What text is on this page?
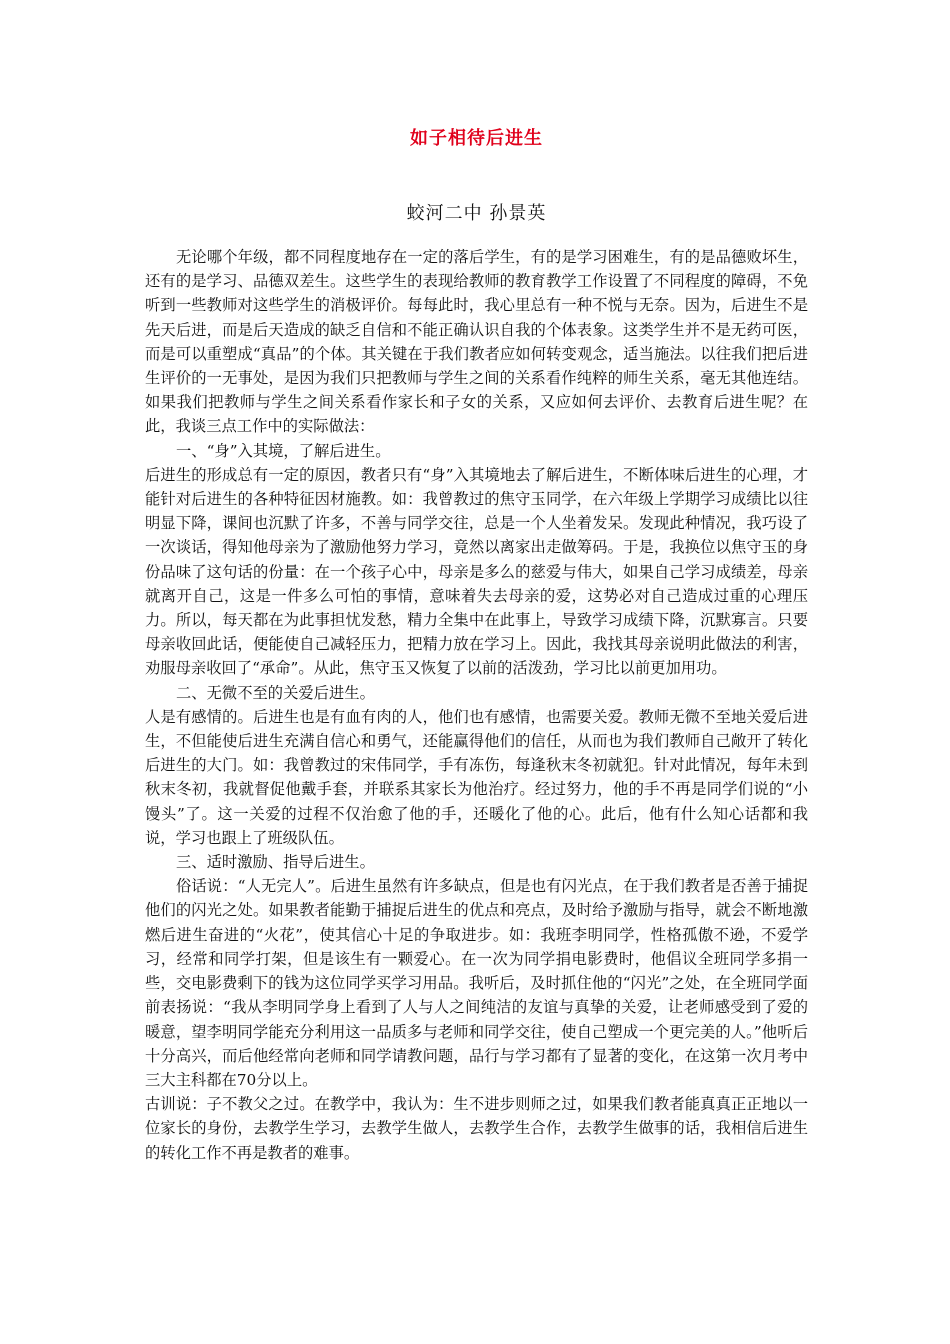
如子相待后进生
蛟河二中 孙景英

无论哪个年级，都不同程度地存在一定的落后学生，有的是学习困难生，有的是品德败坏生，还有的是学习、品德双差生。这些学生的表现给教师的教育教学工作设置了不同程度的障碍，不免听到一些教师对这些学生的消极评价。每每此时，我心里总有一种不悦与无奈。因为，后进生不是先天后进，而是后天造成的缺乏自信和不能正确认识自我的个体表象。这类学生并不是无药可医，而是可以重塑成“真品”的个体。其关键在于我们教者应如何转变观念，适当施法。以往我们把后进生评价的一无事处，是因为我们只把教师与学生之间的关系看作纯粹的师生关系，毫无其他连结。如果我们把教师与学生之间关系看作家长和子女的关系，又应如何去评价、去教育后进生呢？在此，我谈三点工作中的实际做法：

一、“身”入其境，了解后进生。

后进生的形成总有一定的原因，教者只有“身”入其境地去了解后进生，不断体味后进生的心理，才能针对后进生的各种特征因材施教。如：我曾教过的焦守玉同学，在六年级上学期学习成绩比以往明显下降，课间也沉默了许多，不善与同学交往，总是一个人坐着发呆。发现此种情况，我巧设了一次谈话，得知他母亲为了激励他努力学习，竟然以离家出走做筹码。于是，我换位以焦守玉的身份品味了这句话的份量：在一个孩子心中，母亲是多么的慈爱与伟大，如果自己学习成绩差，母亲就离开自己，这是一件多么可怕的事情，意味着失去母亲的爱，这势必对自己造成过重的心理压力。所以，每天都在为此事担忧发愁，精力全集中在此事上，导致学习成绩下降，沉默寡言。只要母亲收回此话，便能使自己减轻压力，把精力放在学习上。因此，我找其母亲说明此做法的利害，劝服母亲收回了“承命”。从此，焦守玉又恢复了以前的活泼劲，学习比以前更加用功。

二、无微不至的关爱后进生。

人是有感情的。后进生也是有血有肉的人，他们也有感情，也需要关爱。教师无微不至地关爱后进生，不但能使后进生充满自信心和勇气，还能赢得他们的信任，从而也为我们教师自己敞开了转化后进生的大门。如：我曾教过的宋伟同学，手有冻伤，每逢秋末冬初就犯。针对此情况，每年未到秋末冬初，我就督促他戴手套，并联系其家长为他治疗。经过努力，他的手不再是同学们说的“小馒头”了。这一关爱的过程不仅治愈了他的手，还暖化了他的心。此后，他有什么知心话都和我说，学习也跟上了班级队伍。

三、适时激励、指导后进生。

俗话说：“人无完人”。后进生虽然有许多缺点，但是也有闪光点，在于我们教者是否善于捕捉他们的闪光之处。如果教者能勤于捕捉后进生的优点和亮点，及时给予激励与指导，就会不断地激燃后进生奋进的“火花”，使其信心十足的争取进步。如：我班李明同学，性格孤傲不逊，不爱学习，经常和同学打架，但是该生有一颗爱心。在一次为同学捐电影费时，他倡议全班同学多捐一些，交电影费剩下的钱为这位同学买学习用品。我听后，及时抓住他的“闪光”之处，在全班同学面前表扬说：“我从李明同学身上看到了人与人之间纯洁的友谊与真挚的关爱，让老师感受到了爱的暖意，望李明同学能充分利用这一品质多与老师和同学交往，使自己塑成一个更完美的人。”他听后十分高兴，而后他经常向老师和同学请教问题，品行与学习都有了显著的变化，在这第一次月考中三大主科都在70分以上。

古训说：子不教父之过。在教学中，我认为：生不进步则师之过，如果我们教者能真真正正地以一位家长的身份，去教学生学习，去教学生做人，去教学生合作，去教学生做事的话，我相信后进生的转化工作不再是教者的难事。
